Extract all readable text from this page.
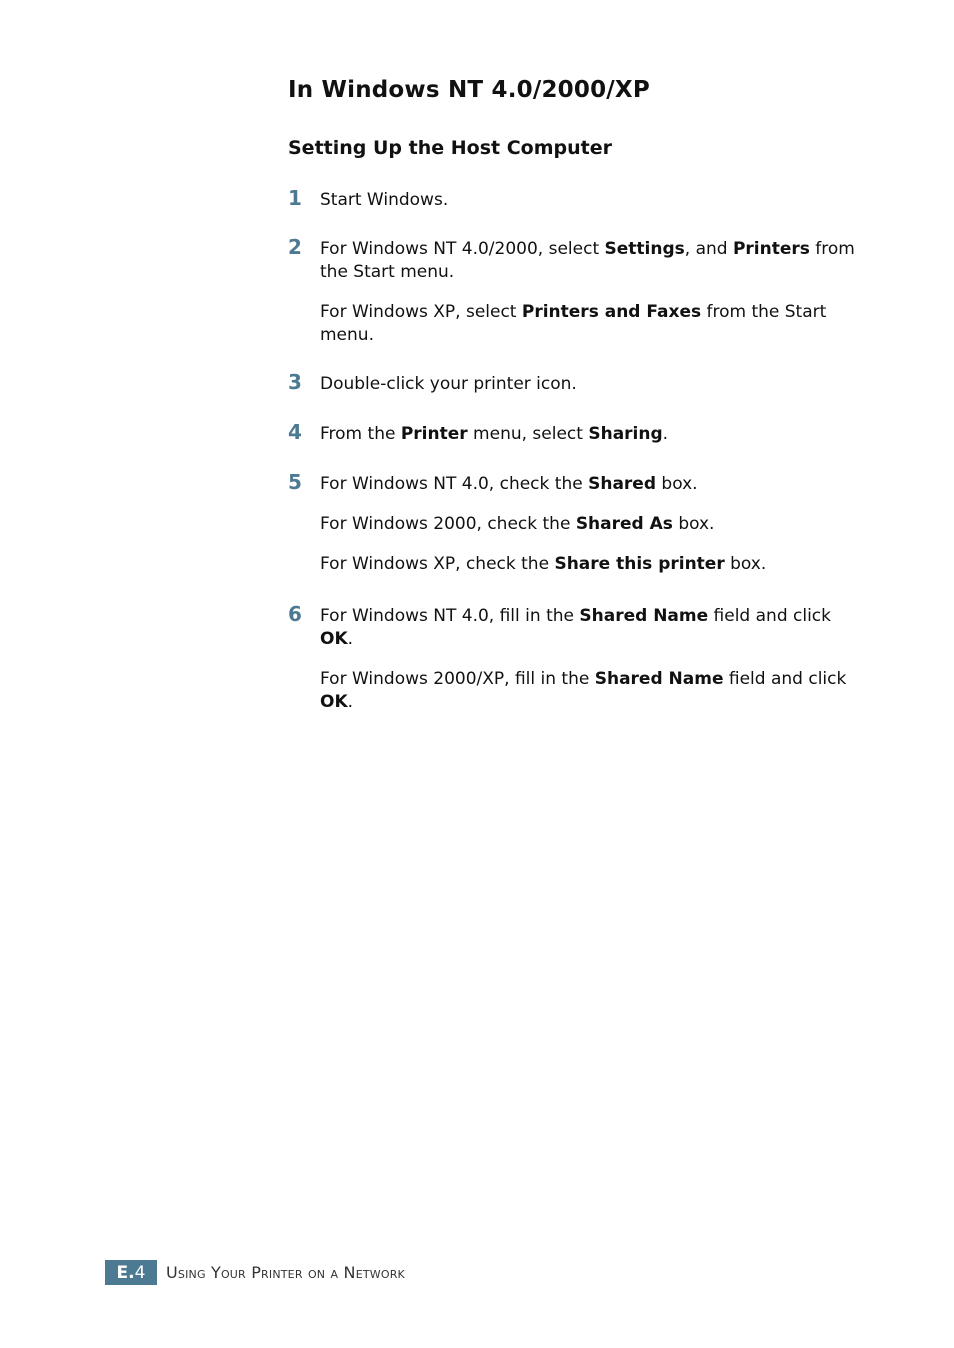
In Windows NT 4.0/2000/XP
Setting Up the Host Computer
1 Start Windows.

2 For Windows NT 4.0/2000, select Settings, and Printers from the Start menu.

For Windows XP, select Printers and Faxes from the Start menu.

3 Double-click your printer icon.

4 From the Printer menu, select Sharing.

5 For Windows NT 4.0, check the Shared box.

For Windows 2000, check the Shared As box.

For Windows XP, check the Share this printer box.

6 For Windows NT 4.0, fill in the Shared Name field and click OK.

For Windows 2000/XP, fill in the Shared Name field and click OK.

E. 4 Using Your Printer on a Network
